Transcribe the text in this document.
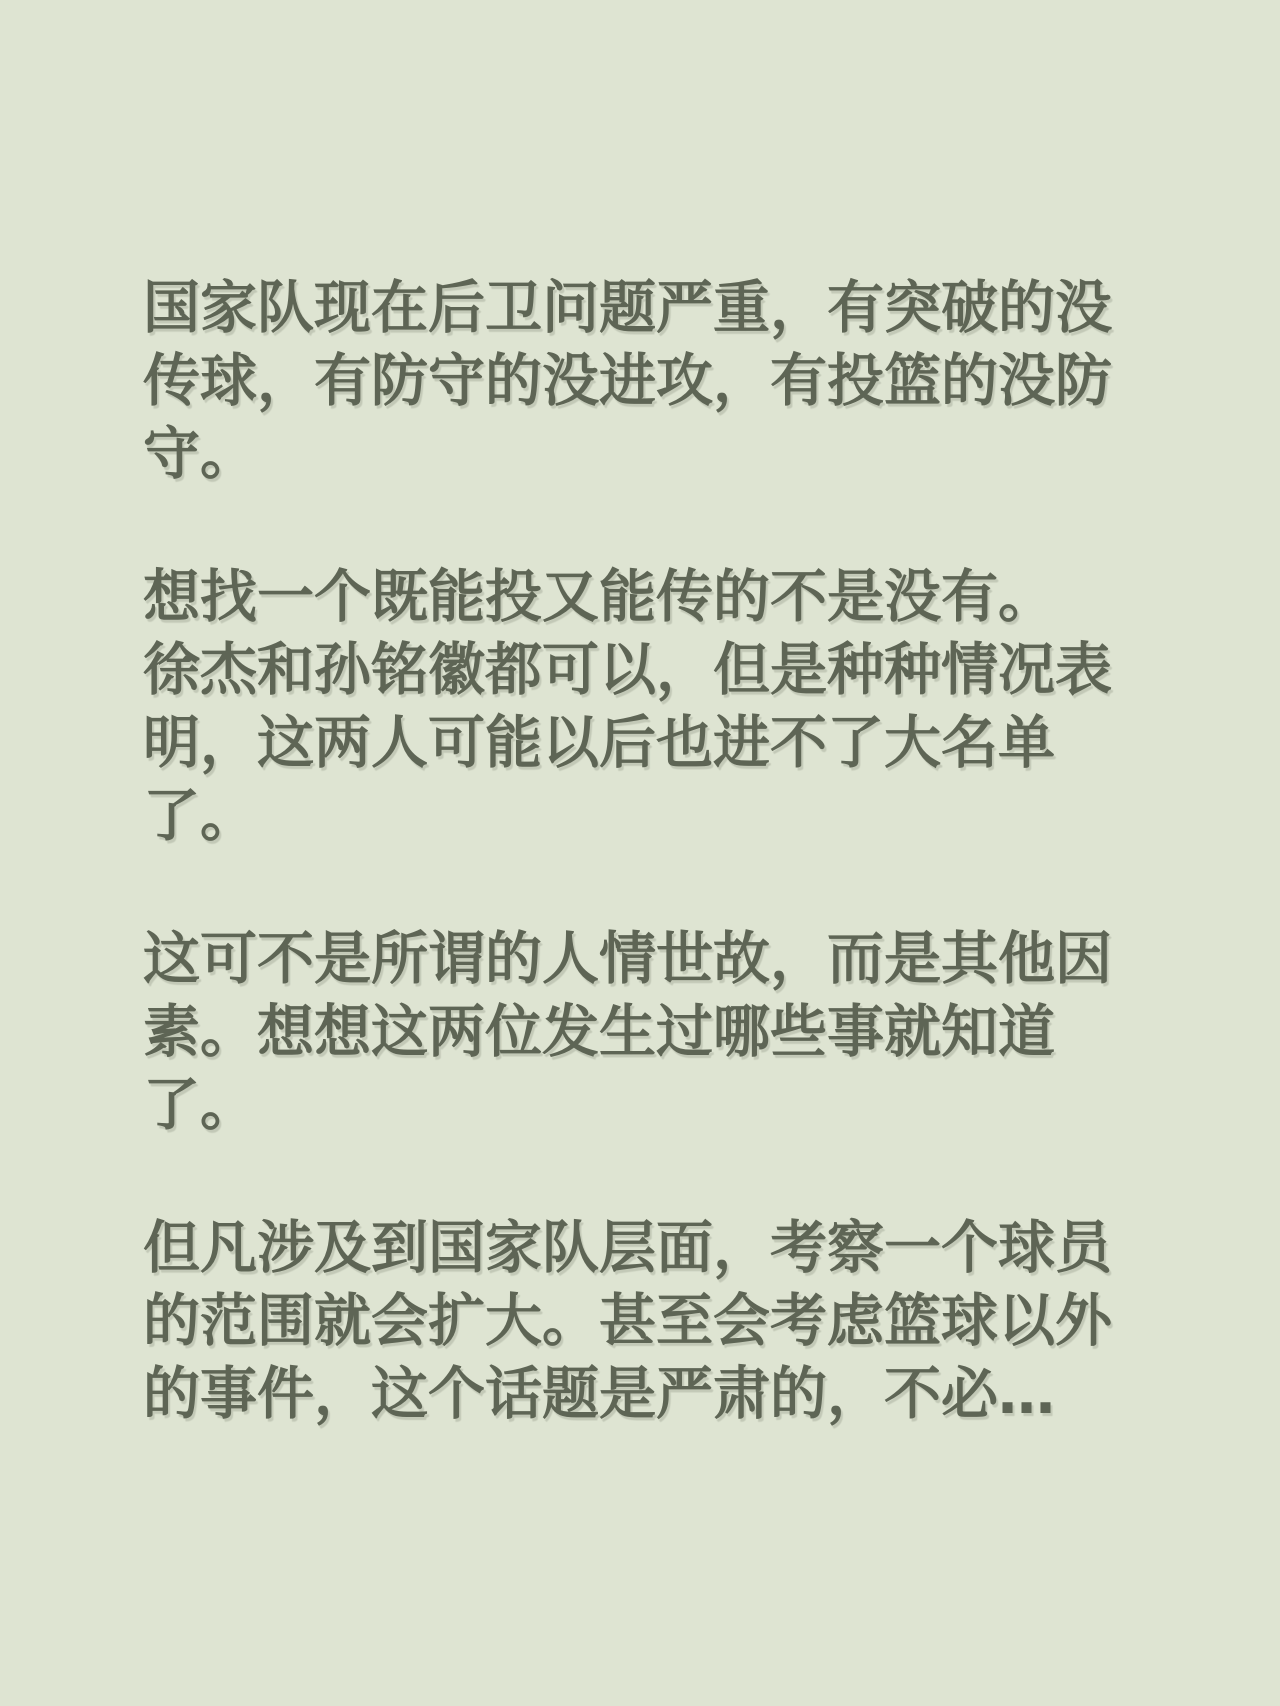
国家队现在后卫问题严重，有突破的没
传球，有防守的没进攻，有投篮的没防
守。
想找一个既能投又能传的不是没有。
徐杰和孙铭徽都可以，但是种种情况表
明，这两人可能以后也进不了大名单
了。
这可不是所谓的人情世故，而是其他因
素。想想这两位发生过哪些事就知道
了。
但凡涉及到国家队层面，考察一个球员
的范围就会扩大。甚至会考虑篮球以外
的事件，这个话题是严肃的，不必…
